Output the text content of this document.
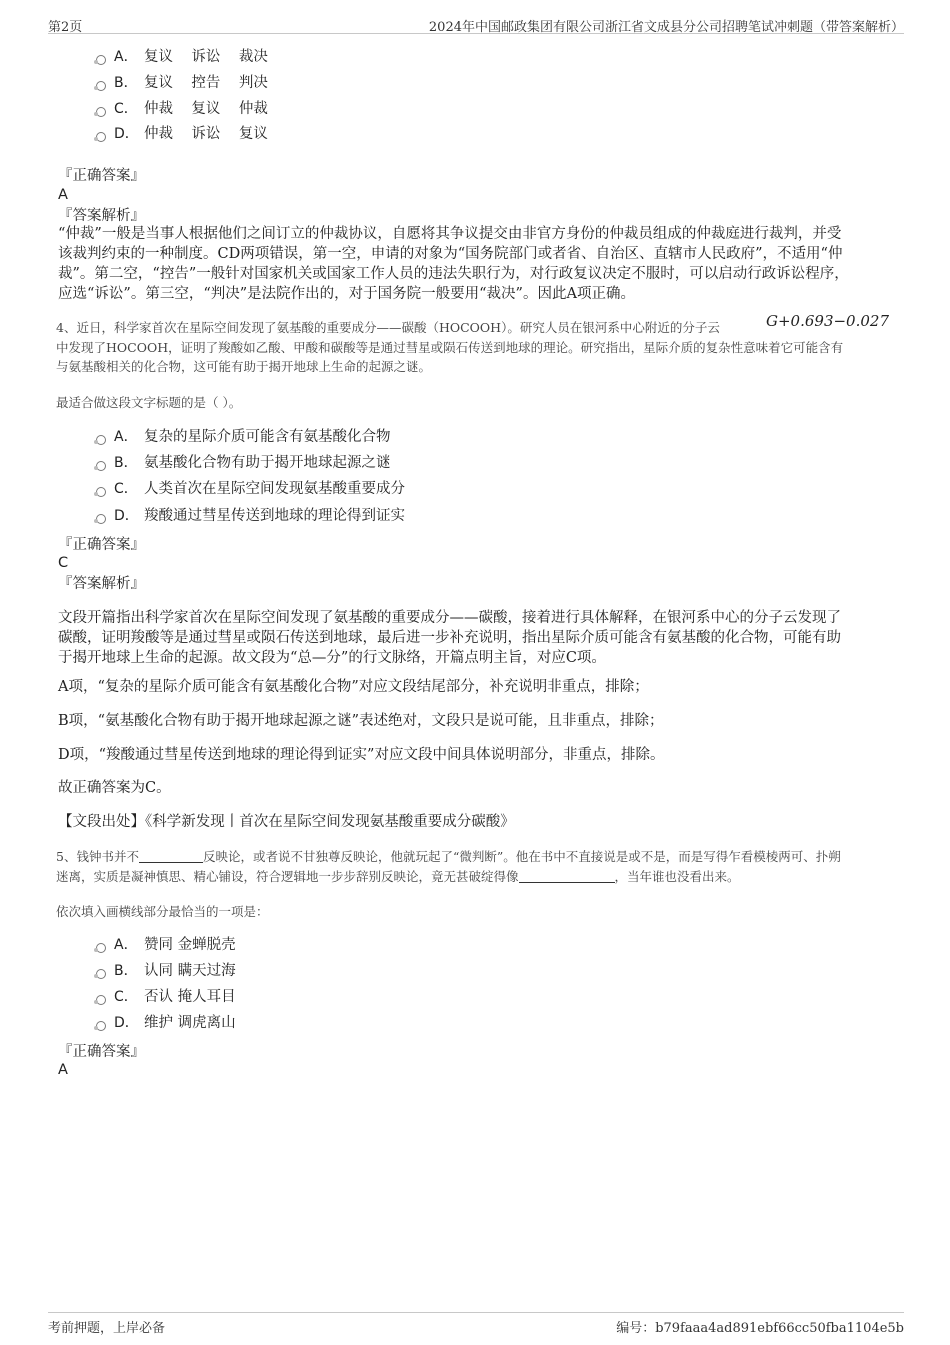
第2页	2024年中国邮政集团有限公司浙江省文成县分公司招聘笔试冲刺题（带答案解析）
A． 复议    诉讼    裁决
B． 复议    控告    判决
C． 仲裁    复议    仲裁
D． 仲裁    诉讼    复议
『正确答案』
A
『答案解析』
“仲裁”一般是当事人根据他们之间订立的仲裁协议，自愿将其争议提交由非官方身份的仲裁员组成的仲裁庭进行裁判，并受
该裁判约束的一种制度。CD两项错误，第一空，申请的对象为“国务院部门或者省、自治区、直辖市人民政府”，不适用“仲
裁”。第二空，“控告”一般针对国家机关或国家工作人员的违法失职行为，对行政复议决定不服时，可以启动行政诉讼程序，
应选“诉讼”。第三空，“判决”是法院作出的，对于国务院一般要用“裁决”。因此A项正确。
4、近日，科学家首次在星际空间发现了氨基酸的重要成分——碳酸（HOCOOH）。研究人员在银河系中心附近的分子云
中发现了HOCOOH，证明了羧酸如乙酸、甲酸和碳酸等是通过彗星或陨石传送到地球的理论。研究指出，星际介质的复杂性意味着它可能含有
与氨基酸相关的化合物，这可能有助于揭开地球上生命的起源之谜。
G+0.693−0.027
最适合做这段文字标题的是（ ）。
A． 复杂的星际介质可能含有氨基酸化合物
B． 氨基酸化合物有助于揭开地球起源之谜
C． 人类首次在星际空间发现氨基酸重要成分
D． 羧酸通过彗星传送到地球的理论得到证实
『正确答案』
C
『答案解析』
文段开篇指出科学家首次在星际空间发现了氨基酸的重要成分——碳酸，接着进行具体解释，在银河系中心的分子云发现了
碳酸，证明羧酸等是通过彗星或陨石传送到地球，最后进一步补充说明，指出星际介质可能含有氨基酸的化合物，可能有助
于揭开地球上生命的起源。故文段为“总—分”的行文脉络，开篇点明主旨，对应C项。
A项，“复杂的星际介质可能含有氨基酸化合物”对应文段结尾部分，补充说明非重点，排除；
B项，“氨基酸化合物有助于揭开地球起源之谜”表述绝对，文段只是说可能，且非重点，排除；
D项，“羧酸通过彗星传送到地球的理论得到证实”对应文段中间具体说明部分，非重点，排除。
故正确答案为C。
【文段出处】《科学新发现丨首次在星际空间发现氨基酸重要成分碳酸》
5、钱钟书并不	反映论，或者说不甘独尊反映论，他就玩起了“微判断”。他在书中不直接说是或不是，而是写得乍看模棱两可、扑朔
迷离，实质是凝神慎思、精心铺设，符合逻辑地一步步辞别反映论，竟无甚破绽得像	，当年谁也没看出来。
依次填入画横线部分最恰当的一项是：
A． 赞同 金蝉脱壳
B． 认同 瞒天过海
C． 否认 掩人耳目
D． 维护 调虎离山
『正确答案』
A
考前押题，上岸必备	编号：b79faaa4ad891ebf66cc50fba1104e5b
